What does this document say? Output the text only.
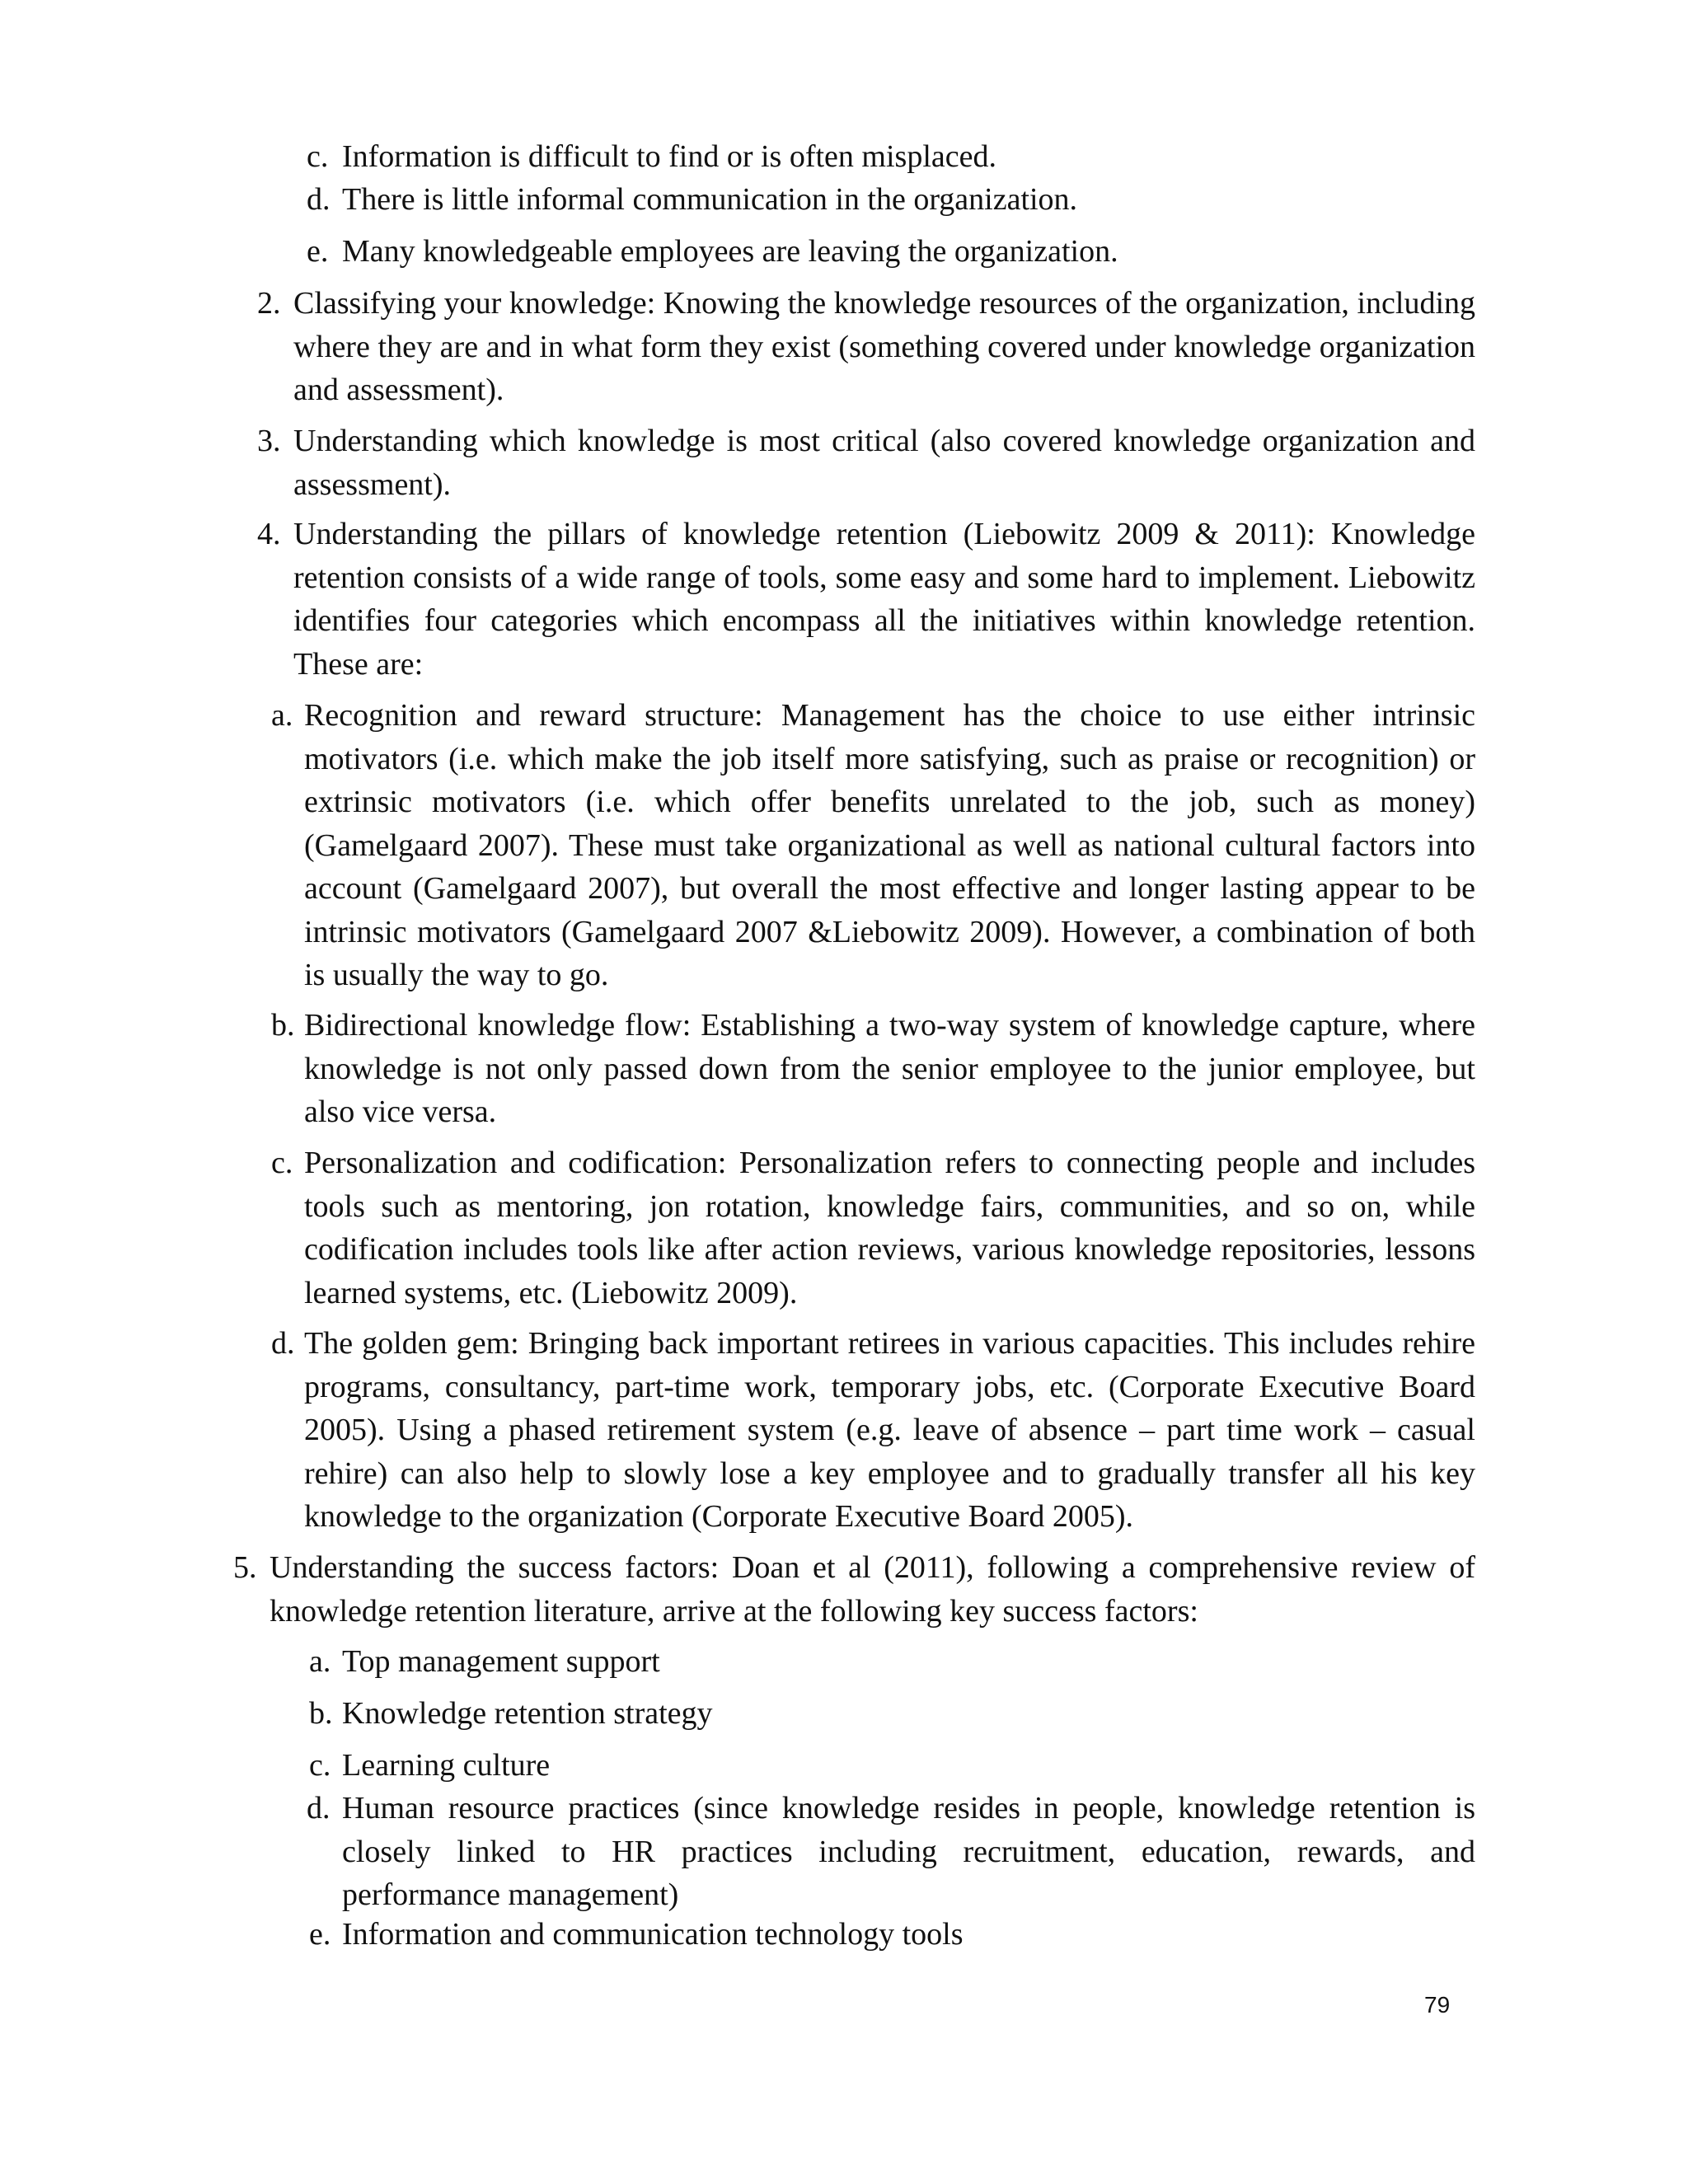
c. Information is difficult to find or is often misplaced.
d. There is little informal communication in the organization.
e. Many knowledgeable employees are leaving the organization.
2. Classifying your knowledge: Knowing the knowledge resources of the organization, including where they are and in what form they exist (something covered under knowledge organization and assessment).
3. Understanding which knowledge is most critical (also covered knowledge organization and assessment).
4. Understanding the pillars of knowledge retention (Liebowitz 2009 & 2011): Knowledge retention consists of a wide range of tools, some easy and some hard to implement. Liebowitz identifies four categories which encompass all the initiatives within knowledge retention. These are:
a. Recognition and reward structure: Management has the choice to use either intrinsic motivators (i.e. which make the job itself more satisfying, such as praise or recognition) or extrinsic motivators (i.e. which offer benefits unrelated to the job, such as money) (Gamelgaard 2007). These must take organizational as well as national cultural factors into account (Gamelgaard 2007), but overall the most effective and longer lasting appear to be intrinsic motivators (Gamelgaard 2007 &Liebowitz 2009). However, a combination of both is usually the way to go.
b. Bidirectional knowledge flow: Establishing a two-way system of knowledge capture, where knowledge is not only passed down from the senior employee to the junior employee, but also vice versa.
c. Personalization and codification: Personalization refers to connecting people and includes tools such as mentoring, jon rotation, knowledge fairs, communities, and so on, while codification includes tools like after action reviews, various knowledge repositories, lessons learned systems, etc. (Liebowitz 2009).
d. The golden gem: Bringing back important retirees in various capacities. This includes rehire programs, consultancy, part-time work, temporary jobs, etc. (Corporate Executive Board 2005). Using a phased retirement system (e.g. leave of absence – part time work – casual rehire) can also help to slowly lose a key employee and to gradually transfer all his key knowledge to the organization (Corporate Executive Board 2005).
5. Understanding the success factors: Doan et al (2011), following a comprehensive review of knowledge retention literature, arrive at the following key success factors:
a. Top management support
b. Knowledge retention strategy
c. Learning culture
d. Human resource practices (since knowledge resides in people, knowledge retention is closely linked to HR practices including recruitment, education, rewards, and performance management)
e. Information and communication technology tools
79
